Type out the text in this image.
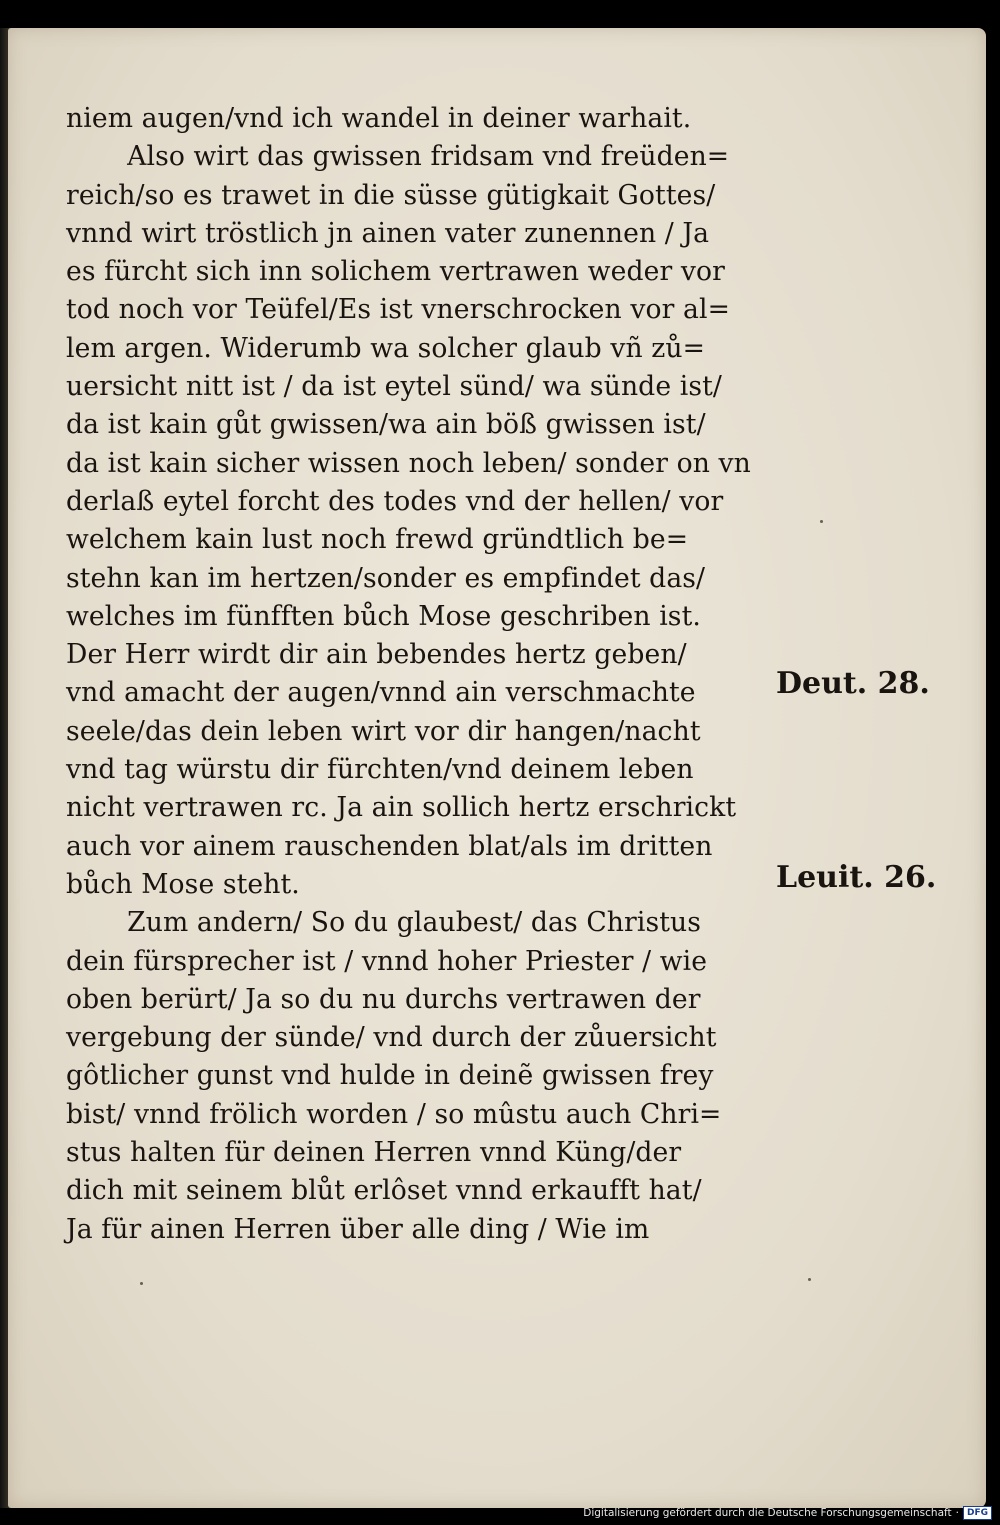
niem augen/vnd ich wandel in deiner warhait.
Also wirt das gwissen fridsam vnd freüden=
reich/so es trawet in die süsse gütigkait Gottes/
vnnd wirt tröstlich jn ainen vater zunennen / Ja
es fürcht sich inn solichem vertrawen weder vor
tod noch vor Teüfel/Es ist vnerschrocken vor al=
lem argen. Widerumb wa solcher glaub vñ zů=
uersicht nitt ist / da ist eytel sünd/ wa sünde ist/
da ist kain gůt gwissen/wa ain böß gwissen ist/
da ist kain sicher wissen noch leben/ sonder on vn
derlaß eytel forcht des todes vnd der hellen/ vor
welchem kain lust noch frewd gründtlich be=
stehn kan im hertzen/sonder es empfindet das/
welches im fünfften bůch Mose geschriben ist.
Der Herr wirdt dir ain bebendes hertz geben/
vnd amacht der augen/vnnd ain verschmachte
seele/das dein leben wirt vor dir hangen/nacht
vnd tag würstu dir fürchten/vnd deinem leben
nicht vertrawen rc. Ja ain sollich hertz erschrickt
auch vor ainem rauschenden blat/als im dritten
bůch Mose steht.
Zum andern/ So du glaubest/ das Christus
dein fürsprecher ist / vnnd hoher Priester / wie
oben berürt/ Ja so du nu durchs vertrawen der
vergebung der sünde/ vnd durch der zůuersicht
gôtlicher gunst vnd hulde in deinẽ gwissen frey
bist/ vnnd frölich worden / so mûstu auch Chri=
stus halten für deinen Herren vnnd Küng/der
dich mit seinem blůt erlôset vnnd erkaufft hat/
Ja für ainen Herren über alle ding / Wie im
Deut. 28.
Leuit. 26.
Digitalisierung gefördert durch die Deutsche Forschungsgemeinschaft · DFG
